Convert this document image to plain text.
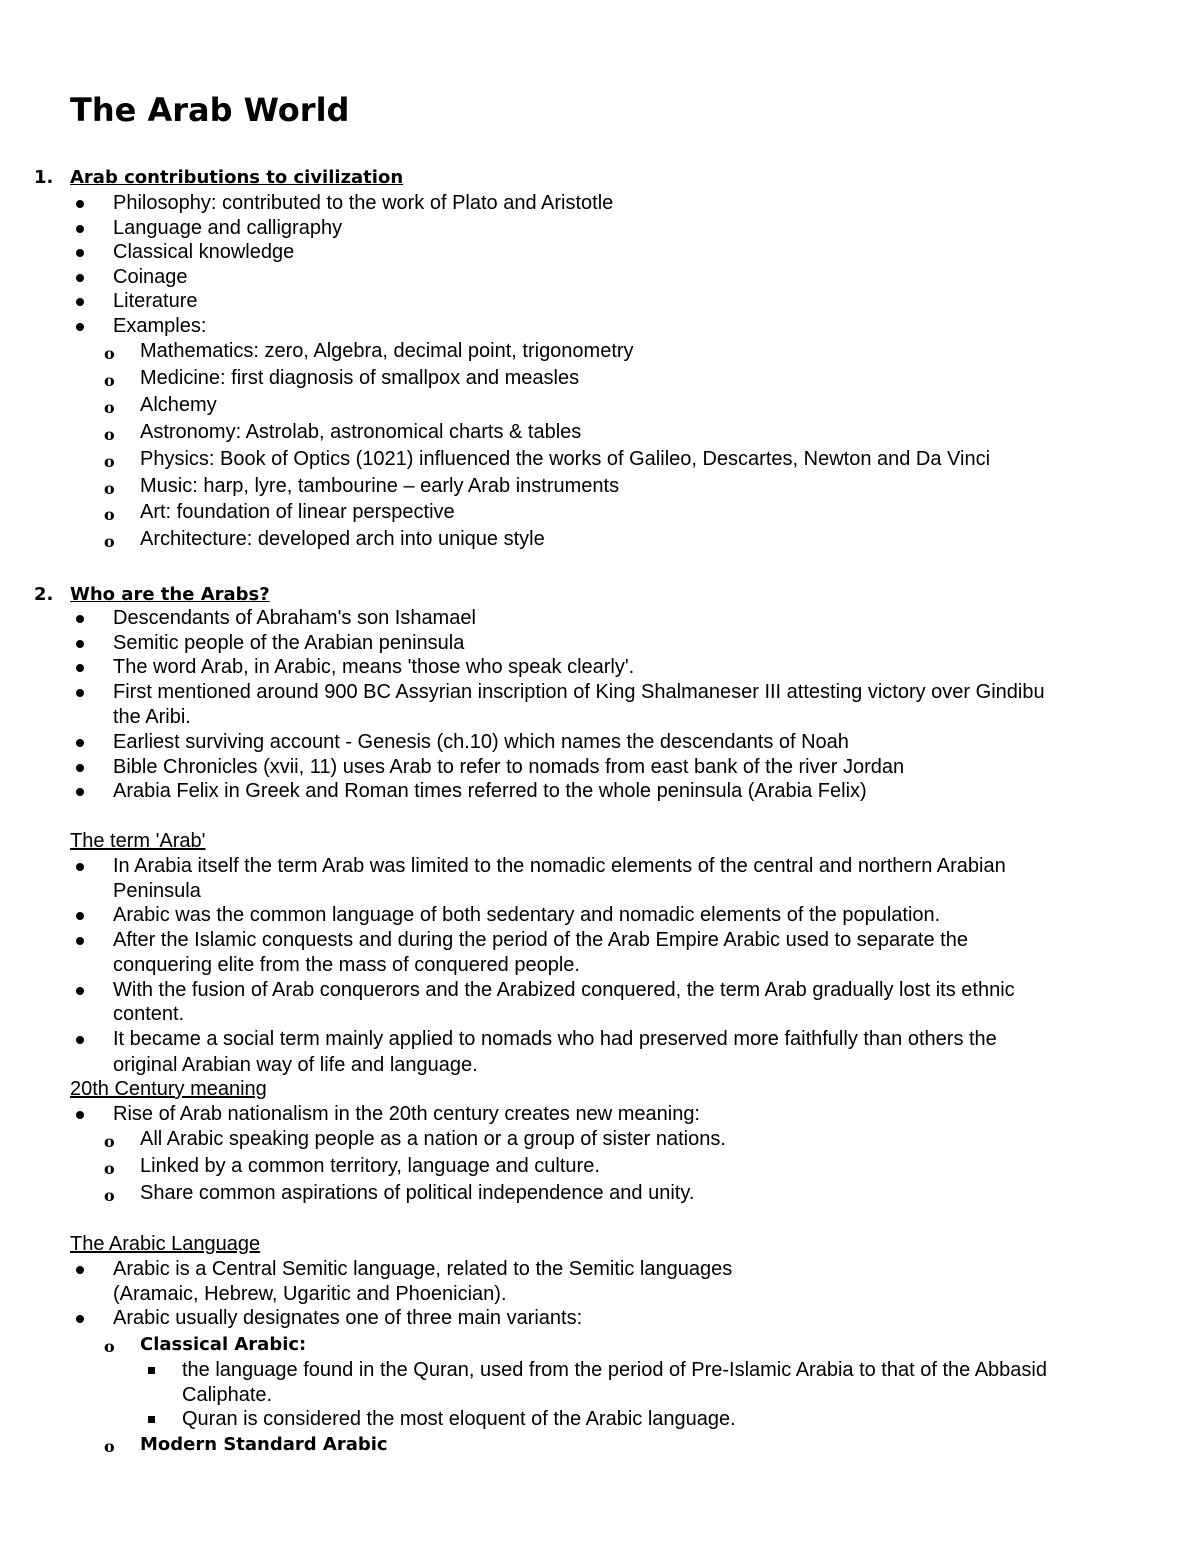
The Arab World
1. Arab contributions to civilization
Philosophy: contributed to the work of Plato and Aristotle
Language and calligraphy
Classical knowledge
Coinage
Literature
Examples:
o Mathematics: zero, Algebra, decimal point, trigonometry
o Medicine: first diagnosis of smallpox and measles
o Alchemy
o Astronomy: Astrolab, astronomical charts & tables
o Physics: Book of Optics (1021) influenced the works of Galileo, Descartes, Newton and Da Vinci
o Music: harp, lyre, tambourine – early Arab instruments
o Art: foundation of linear perspective
o Architecture: developed arch into unique style
2. Who are the Arabs?
Descendants of Abraham's son Ishamael
Semitic people of the Arabian peninsula
The word Arab, in Arabic, means 'those who speak clearly'.
First mentioned around 900 BC Assyrian inscription of King Shalmaneser III attesting victory over Gindibu
the Aribi.
Earliest surviving account - Genesis (ch.10) which names the descendants of Noah
Bible Chronicles (xvii, 11) uses Arab to refer to nomads from east bank of the river Jordan
Arabia Felix in Greek and Roman times referred to the whole peninsula (Arabia Felix)
The term 'Arab'
In Arabia itself the term Arab was limited to the nomadic elements of the central and northern Arabian
Peninsula
Arabic was the common language of both sedentary and nomadic elements of the population.
After the Islamic conquests and during the period of the Arab Empire Arabic used to separate the
conquering elite from the mass of conquered people.
With the fusion of Arab conquerors and the Arabized conquered, the term Arab gradually lost its ethnic
content.
It became a social term mainly applied to nomads who had preserved more faithfully than others the
original Arabian way of life and language.
20th Century meaning
Rise of Arab nationalism in the 20th century creates new meaning:
o All Arabic speaking people as a nation or a group of sister nations.
o Linked by a common territory, language and culture.
o Share common aspirations of political independence and unity.
The Arabic Language
Arabic is a Central Semitic language, related to the Semitic languages
(Aramaic, Hebrew, Ugaritic and Phoenician).
Arabic usually designates one of three main variants:
o Classical Arabic:
the language found in the Quran, used from the period of Pre-Islamic Arabia to that of the Abbasid
Caliphate.
Quran is considered the most eloquent of the Arabic language.
o Modern Standard Arabic
